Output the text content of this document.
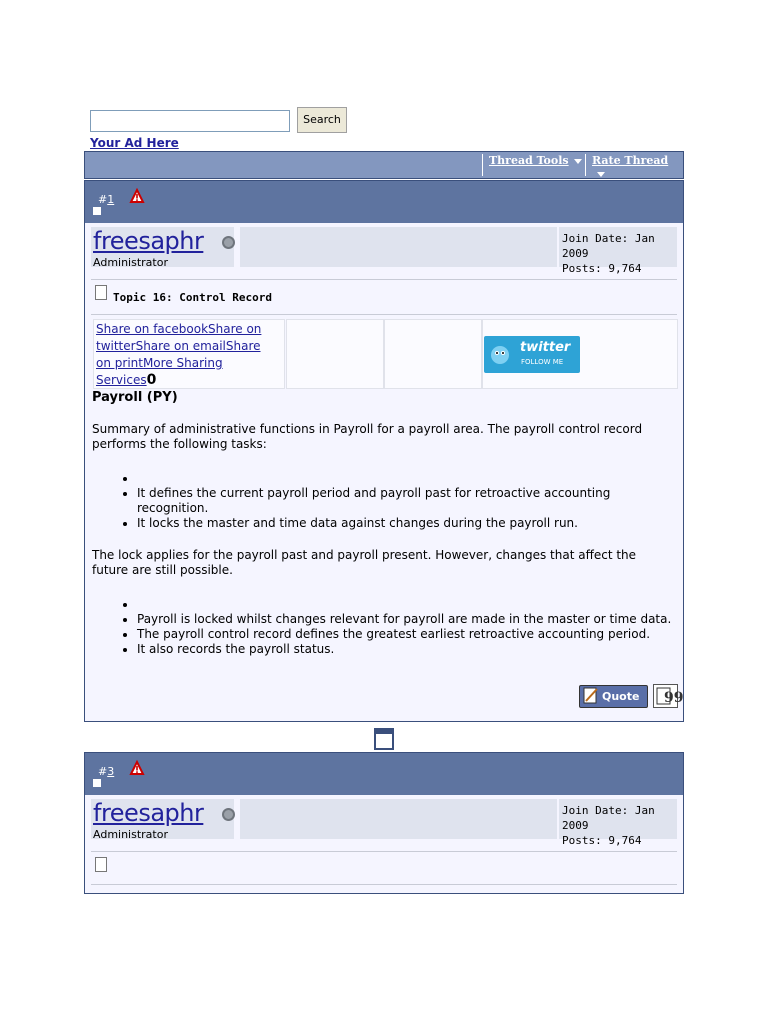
Search
Your Ad Here
Thread Tools	Rate Thread
#1
freesaphr
Administrator
Join Date: Jan 2009
Posts: 9,764
Topic 16: Control Record
Share on facebookShare on twitterShare on emailShare on printMore Sharing Services0
twitter
FOLLOW ME
Payroll (PY)
Summary of administrative functions in Payroll for a payroll area. The payroll control record performs the following tasks:
•
• It defines the current payroll period and payroll past for retroactive accounting recognition.
• It locks the master and time data against changes during the payroll run.
The lock applies for the payroll past and payroll present. However, changes that affect the future are still possible.
•
• Payroll is locked whilst changes relevant for payroll are made in the master or time data.
• The payroll control record defines the greatest earliest retroactive accounting period.
• It also records the payroll status.
Quote 99
#3
freesaphr
Administrator
Join Date: Jan 2009
Posts: 9,764
